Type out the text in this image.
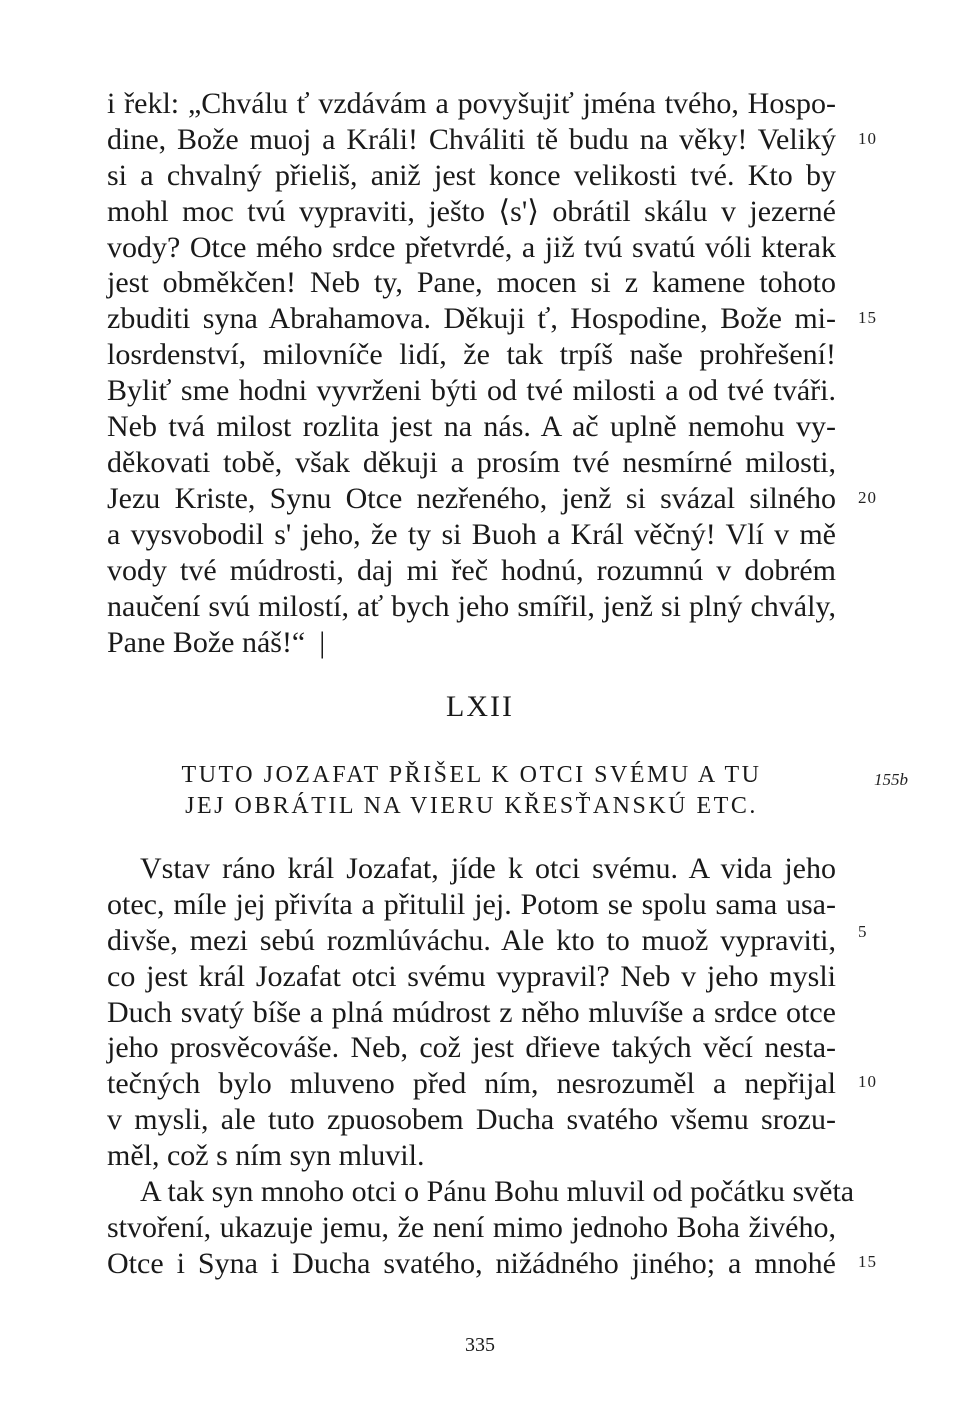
i řekl: „Chválu ť vzdávám a povyšujiť jména tvého, Hospo-
dine, Bože muoj a Králi! Chváliti tě budu na věky! Veliký
si a chvalný přieliš, aniž jest konce velikosti tvé. Kto by
mohl moc tvú vypraviti, ješto ⟨s'⟩ obrátil skálu v jezerné
vody? Otce mého srdce přetvrdé, a již tvú svatú vóli kterak
jest obměkčen! Neb ty, Pane, mocen si z kamene tohoto
zbuditi syna Abrahamova. Děkuji ť, Hospodine, Bože mi-
losrdenství, milovníče lidí, že tak trpíš naše prohřešení!
Byliť sme hodni vyvrženi býti od tvé milosti a od tvé tváři.
Neb tvá milost rozlita jest na nás. A ač uplně nemohu vy-
děkovati tobě, však děkuji a prosím tvé nesmírné milosti,
Jezu Kriste, Synu Otce nezřeného, jenž si svázal silného
a vysvobodil s' jeho, že ty si Buoh a Král věčný! Vlí v mě
vody tvé múdrosti, daj mi řeč hodnú, rozumnú v dobrém
naučení svú milostí, ať bych jeho smířil, jenž si plný chvály,
Pane Bože náš!“ |
10
15
20
LXII
TUTO JOZAFAT PŘIŠEL K OTCI SVÉMU A TU
JEJ OBRÁTIL NA VIERU KŘESŤANSKÚ ETC.
155b
Vstav ráno král Jozafat, jíde k otci svému. A vida jeho
otec, míle jej přivíta a přitulil jej. Potom se spolu sama usa-
divše, mezi sebú rozmlúváchu. Ale kto to muož vypraviti,
co jest král Jozafat otci svému vypravil? Neb v jeho mysli
Duch svatý bíše a plná múdrost z něho mluvíše a srdce otce
jeho prosvěcováše. Neb, což jest dřieve takých věcí nesta-
tečných bylo mluveno před ním, nesrozuměl a nepřijal
v mysli, ale tuto zpuosobem Ducha svatého všemu srozu-
měl, což s ním syn mluvil.
A tak syn mnoho otci o Pánu Bohu mluvil od počátku světa
stvoření, ukazuje jemu, že není mimo jednoho Boha živého,
Otce i Syna i Ducha svatého, nižádného jiného; a mnohé
5
10
15
335
